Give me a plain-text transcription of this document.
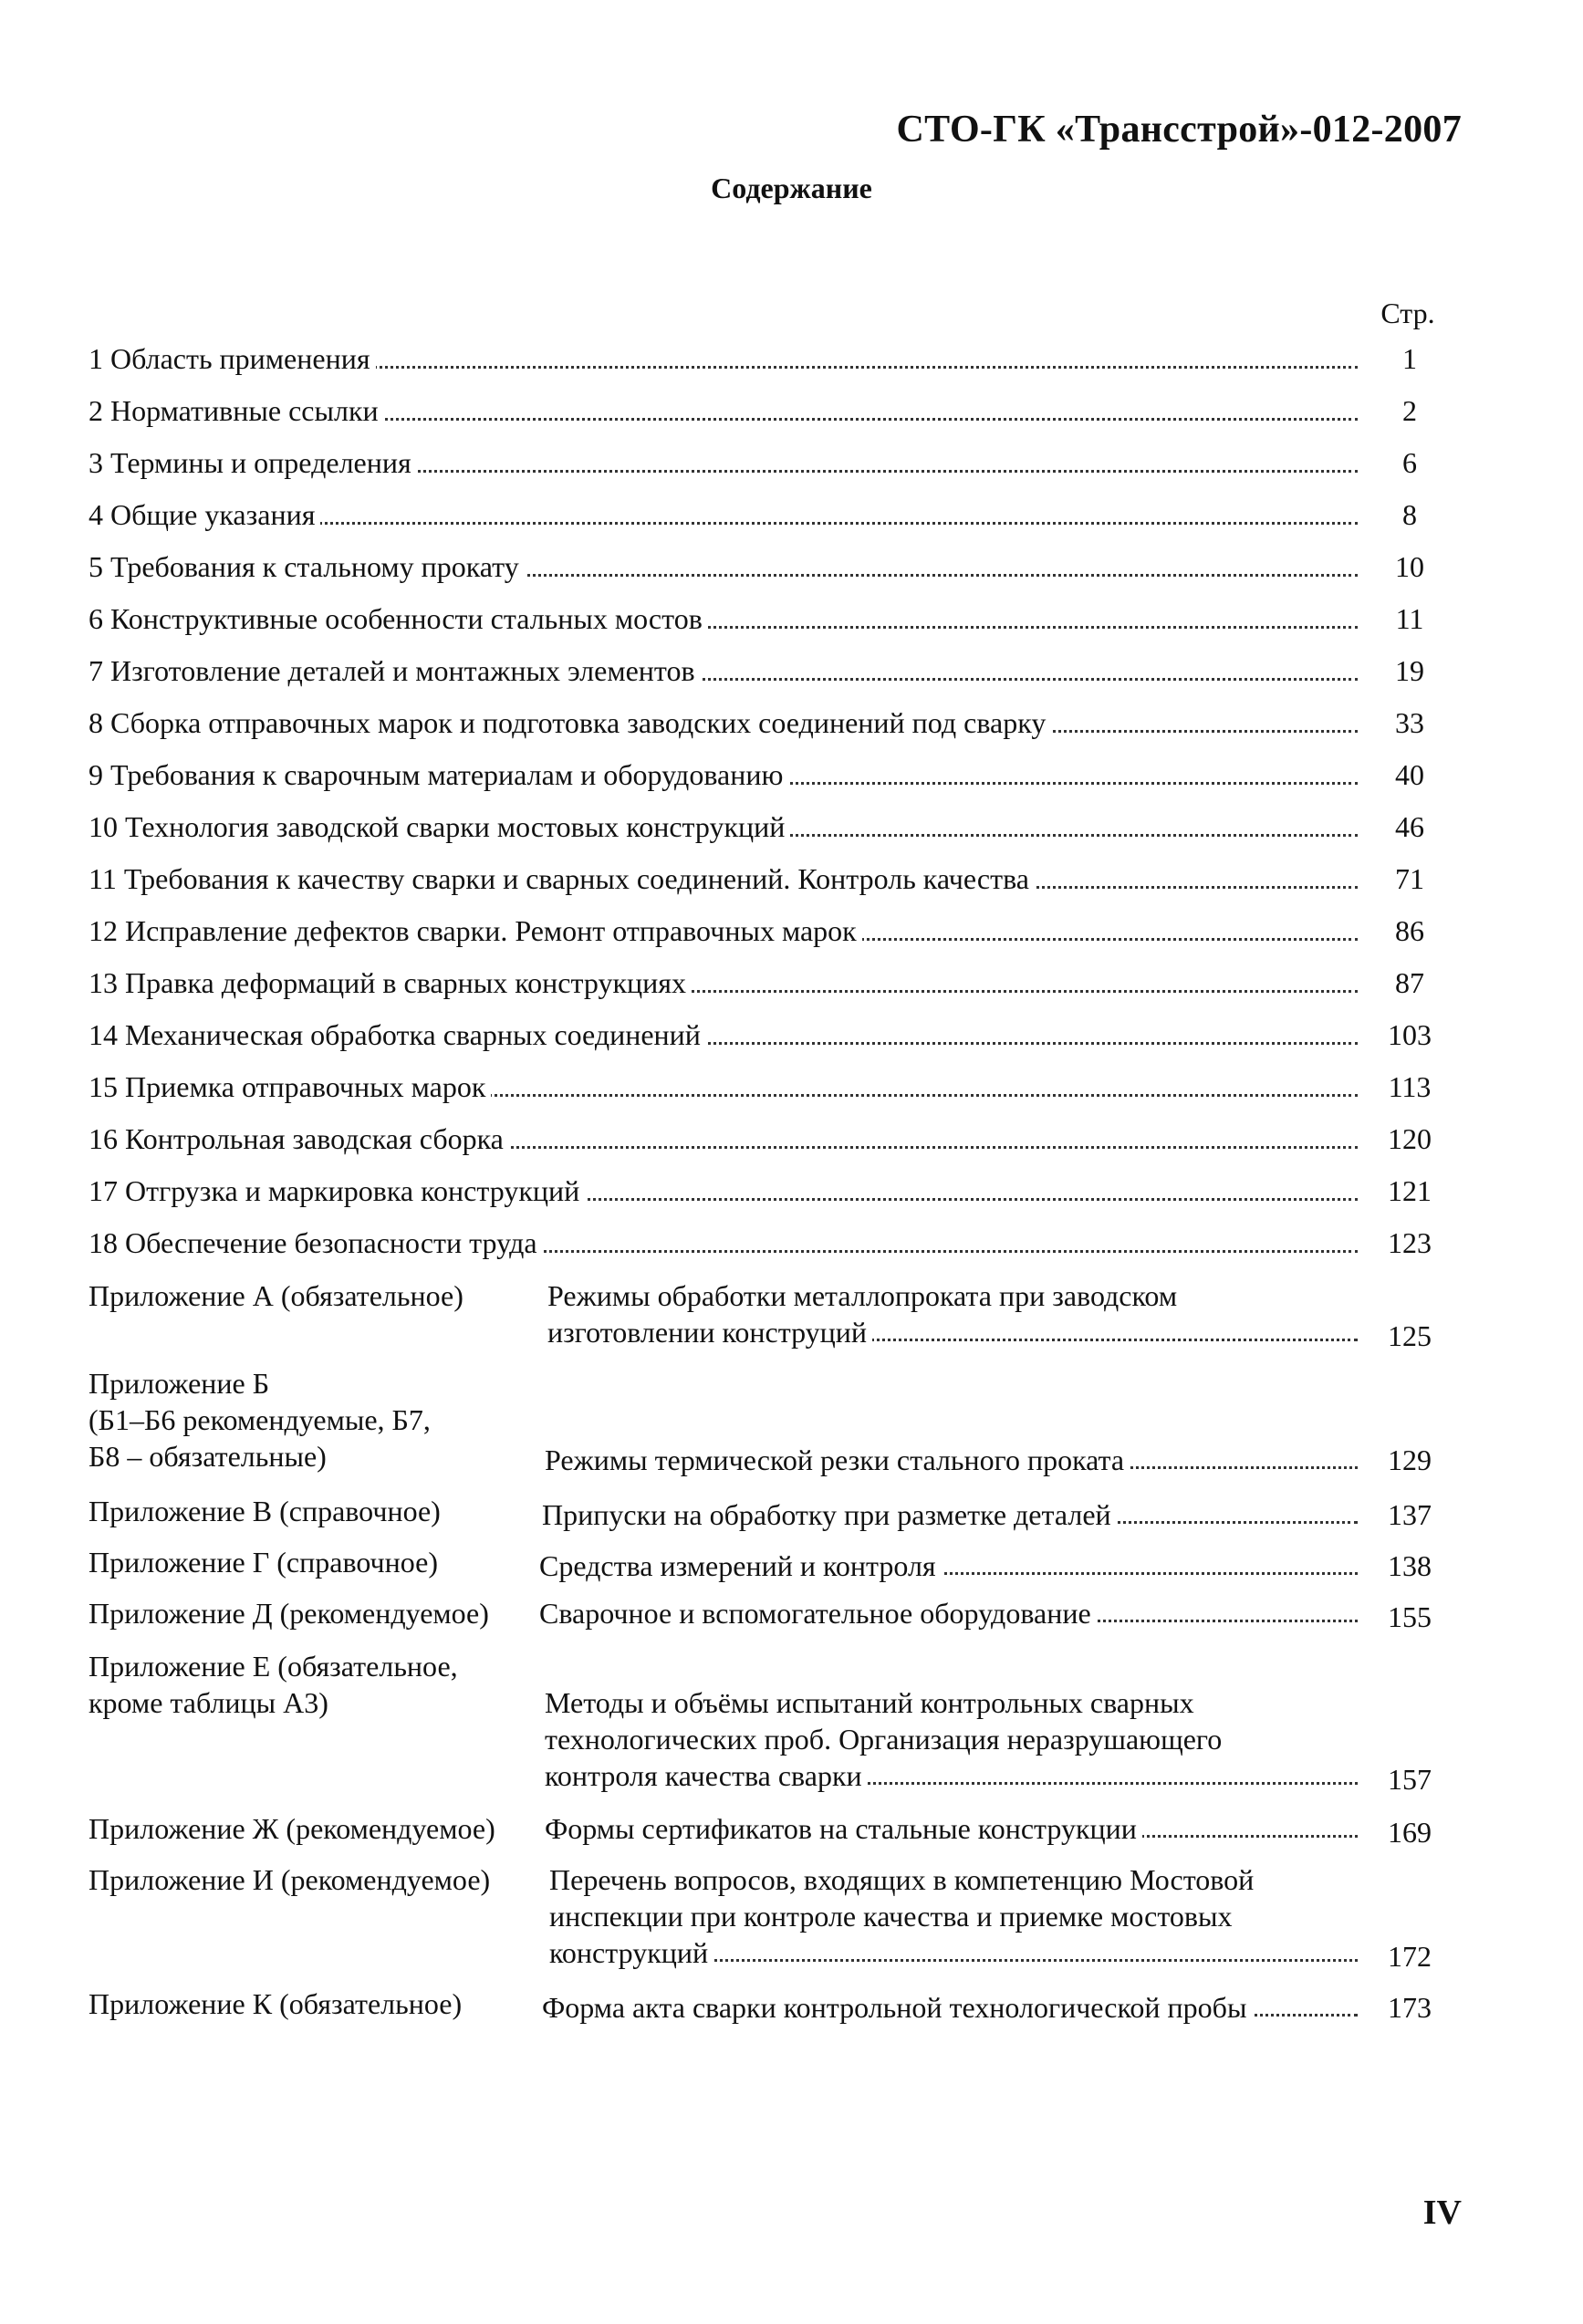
СТО-ГК «Трансстрой»-012-2007
Содержание
Стр.
1 Область применения	1
2 Нормативные ссылки	2
3 Термины и определения	6
4 Общие указания	8
5 Требования к стальному прокату	10
6 Конструктивные особенности стальных мостов	11
7 Изготовление деталей и монтажных элементов	19
8 Сборка отправочных марок и подготовка заводских соединений под сварку	33
9 Требования к сварочным материалам и оборудованию	40
10 Технология заводской сварки мостовых конструкций	46
11 Требования к качеству сварки и сварных соединений. Контроль качества	71
12 Исправление дефектов сварки. Ремонт отправочных марок	86
13 Правка деформаций в сварных конструкциях	87
14 Механическая обработка сварных соединений	103
15 Приемка отправочных марок	113
16 Контрольная заводская сборка	120
17 Отгрузка и маркировка конструкций	121
18 Обеспечение безопасности труда	123
Приложение А (обязательное)	Режимы обработки металлопроката при заводском
изготовлении конструций	125
Приложение Б
(Б1–Б6 рекомендуемые, Б7,
Б8 – обязательные)	Режимы термической резки стального проката	129
Приложение В (справочное)	Припуски на обработку при разметке деталей	137
Приложение Г (справочное)	Средства измерений и контроля	138
Приложение Д (рекомендуемое) Сварочное и вспомогательное оборудование	155
Приложение Е (обязательное,
кроме таблицы А3)	
Методы и объёмы испытаний контрольных сварных
технологических проб. Организация неразрушающего
контроля качества сварки	157
Приложение Ж (рекомендуемое) Формы сертификатов на стальные конструкции	169
Приложение И (рекомендуемое) Перечень вопросов, входящих в компетенцию Мостовой
инспекции при контроле качества и приемке мостовых
конструкций	172
Приложение К (обязательное)	Форма акта сварки контрольной технологической пробы	173
IV
